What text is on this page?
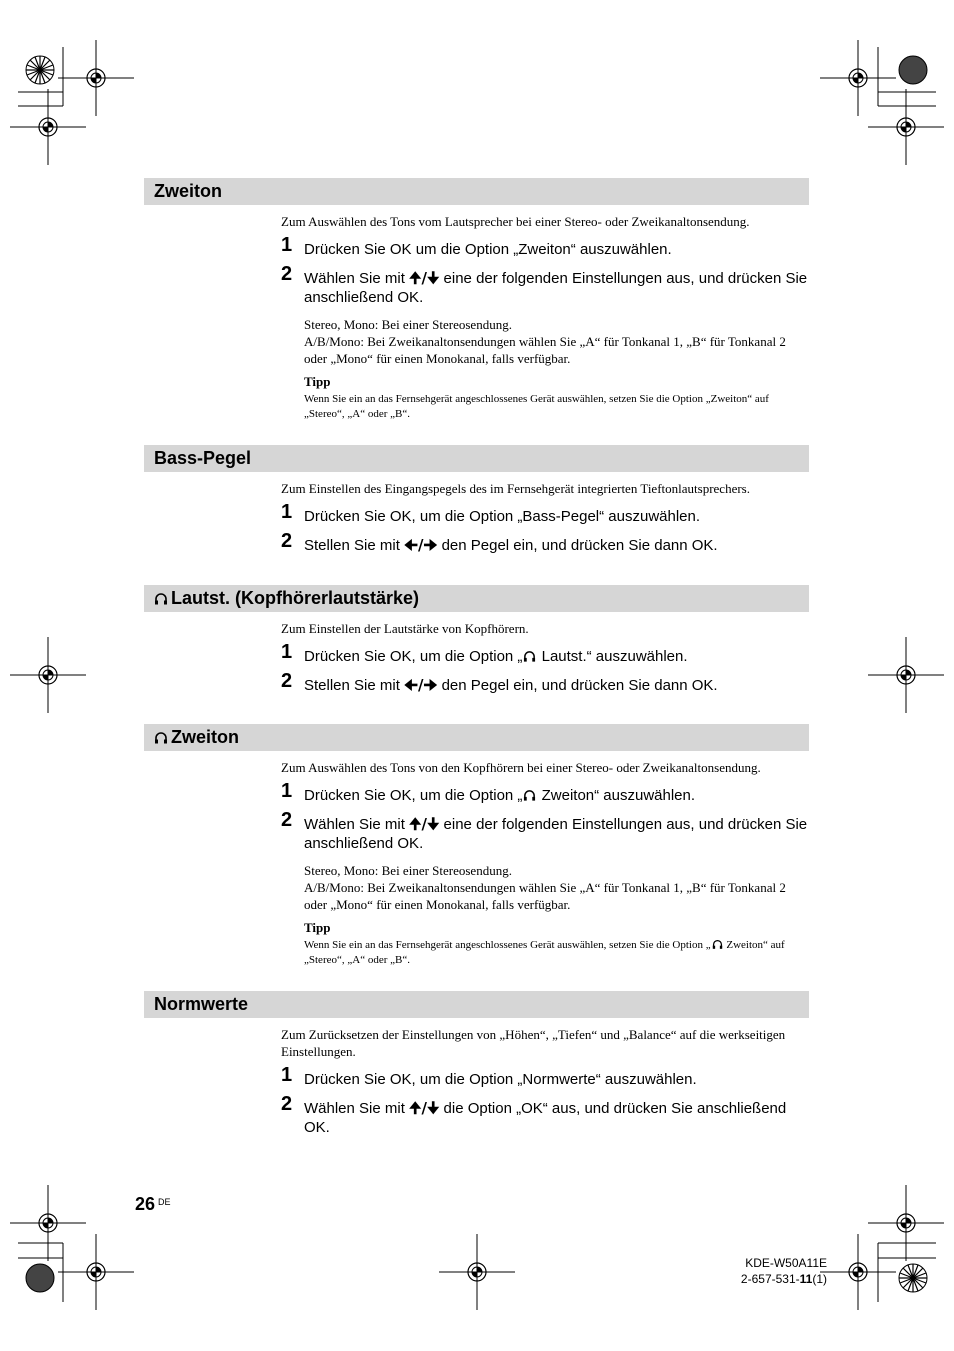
Zweiton
Zum Auswählen des Tons vom Lautsprecher bei einer Stereo- oder Zweikanaltonsendung.
1 Drücken Sie OK um die Option „Zweiton“ auszuwählen.
2 Wählen Sie mit 🠉/🠋 eine der folgenden Einstellungen aus, und drücken Sie anschließend OK.
Stereo, Mono: Bei einer Stereosendung.
A/B/Mono: Bei Zweikanaltonsendungen wählen Sie „A“ für Tonkanal 1, „B“ für Tonkanal 2 oder „Mono“ für einen Monokanal, falls verfügbar.
Tipp
Wenn Sie ein an das Fernsehgerät angeschlossenes Gerät auswählen, setzen Sie die Option „Zweiton“ auf „Stereo“, „A“ oder „B“.
Bass-Pegel
Zum Einstellen des Eingangspegels des im Fernsehgerät integrierten Tieftonlautsprechers.
1 Drücken Sie OK, um die Option „Bass-Pegel“ auszuwählen.
2 Stellen Sie mit 🠈/🠊 den Pegel ein, und drücken Sie dann OK.
Lautst. (Kopfhörerlautstärke)
Zum Einstellen der Lautstärke von Kopfhörern.
1 Drücken Sie OK, um die Option „ Lautst.“ auszuwählen.
2 Stellen Sie mit 🠈/🠊 den Pegel ein, und drücken Sie dann OK.
Zweiton
Zum Auswählen des Tons von den Kopfhörern bei einer Stereo- oder Zweikanaltonsendung.
1 Drücken Sie OK, um die Option „ Zweiton“ auszuwählen.
2 Wählen Sie mit 🠉/🠋 eine der folgenden Einstellungen aus, und drücken Sie anschließend OK.
Stereo, Mono: Bei einer Stereosendung.
A/B/Mono: Bei Zweikanaltonsendungen wählen Sie „A“ für Tonkanal 1, „B“ für Tonkanal 2 oder „Mono“ für einen Monokanal, falls verfügbar.
Tipp
Wenn Sie ein an das Fernsehgerät angeschlossenes Gerät auswählen, setzen Sie die Option „ Zweiton“ auf „Stereo“, „A“ oder „B“.
Normwerte
Zum Zurücksetzen der Einstellungen von „Höhen“, „Tiefen“ und „Balance“ auf die werkseitigen Einstellungen.
1 Drücken Sie OK, um die Option „Normwerte“ auszuwählen.
2 Wählen Sie mit 🠉/🠋 die Option „OK“ aus, und drücken Sie anschließend OK.
26 $^{DE}$
KDE-W50A11E
2-657-531-11(1)
